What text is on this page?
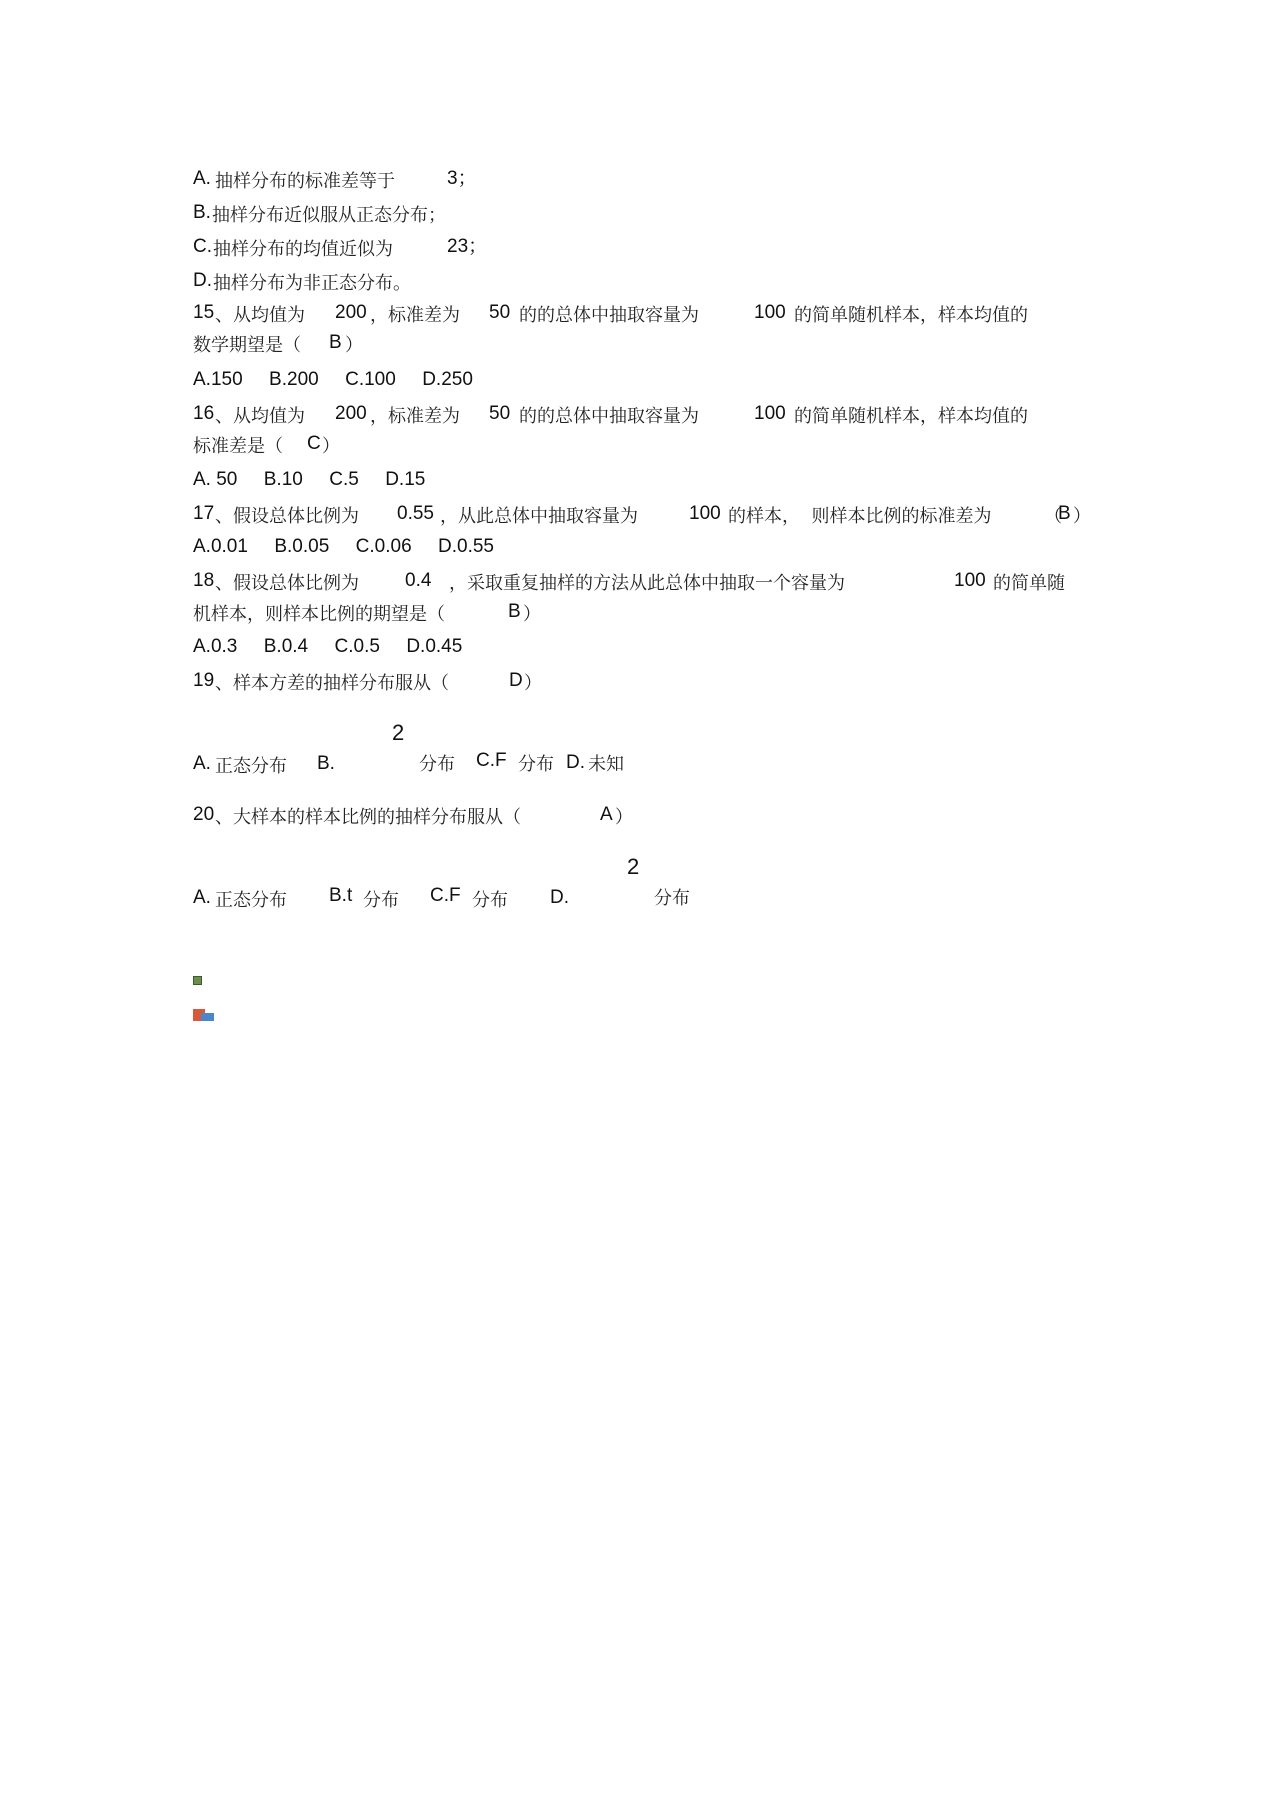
A. 抽样分布的标准差等于	3；
B. 抽样分布近似服从正态分布；
C. 抽样分布的均值近似为	23；
D. 抽样分布为非正态分布。
15 、从均值为 200 ，标准差为 50 的的总体中抽取容量为	100 的简单随机样本，样本均值的
数学期望是（ B ）
A.150     B.200     C.100     D.250
16 、从均值为 200 ，标准差为 50 的的总体中抽取容量为	100 的简单随机样本，样本均值的
标准差是（ C ）
A. 50     B.10     C.5     D.15
17 、假设总体比例为 0.55 ，从此总体中抽取容量为	100 的样本，  则样本比例的标准差为	（
B ）
A.0.01     B.0.05     C.0.06     D.0.55
18 、假设总体比例为 0.4 ，采取重复抽样的方法从此总体中抽取一个容量为	100 的简单随
机样本，则样本比例的期望是（	B ）
A.0.3     B.0.4     C.0.5     D.0.45
19 、样本方差的抽样分布服从（	D ）
2
A. 正态分布 B.	分布 C.F 分布 D. 未知
20 、大样本的样本比例的抽样分布服从（	A ）
2
A. 正态分布 B.t 分布 C.F 分布 D.	分布
